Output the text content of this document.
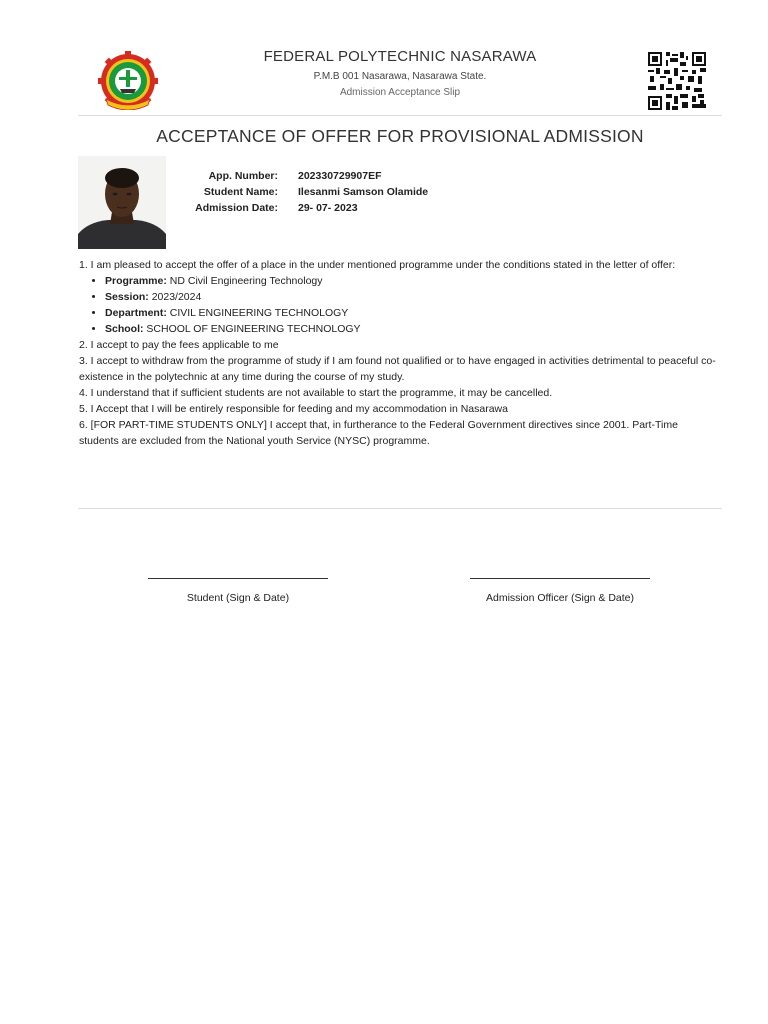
FEDERAL POLYTECHNIC NASARAWA
P.M.B 001 Nasarawa, Nasarawa State.
Admission Acceptance Slip
ACCEPTANCE OF OFFER FOR PROVISIONAL ADMISSION
App. Number:	202330729907EF
Student Name:	Ilesanmi Samson Olamide
Admission Date:	29- 07- 2023
1. I am pleased to accept the offer of a place in the under mentioned programme under the conditions stated in the letter of offer:
• Programme: ND Civil Engineering Technology
• Session: 2023/2024
• Department: CIVIL ENGINEERING TECHNOLOGY
• School: SCHOOL OF ENGINEERING TECHNOLOGY
2. I accept to pay the fees applicable to me
3. I accept to withdraw from the programme of study if I am found not qualified or to have engaged in activities detrimental to peaceful co-existence in the polytechnic at any time during the course of my study.
4. I understand that if sufficient students are not available to start the programme, it may be cancelled.
5. I Accept that I will be entirely responsible for feeding and my accommodation in Nasarawa
6. [FOR PART-TIME STUDENTS ONLY] I accept that, in furtherance to the Federal Government directives since 2001. Part-Time students are excluded from the National youth Service (NYSC) programme.
Student (Sign & Date)	Admission Officer (Sign & Date)
